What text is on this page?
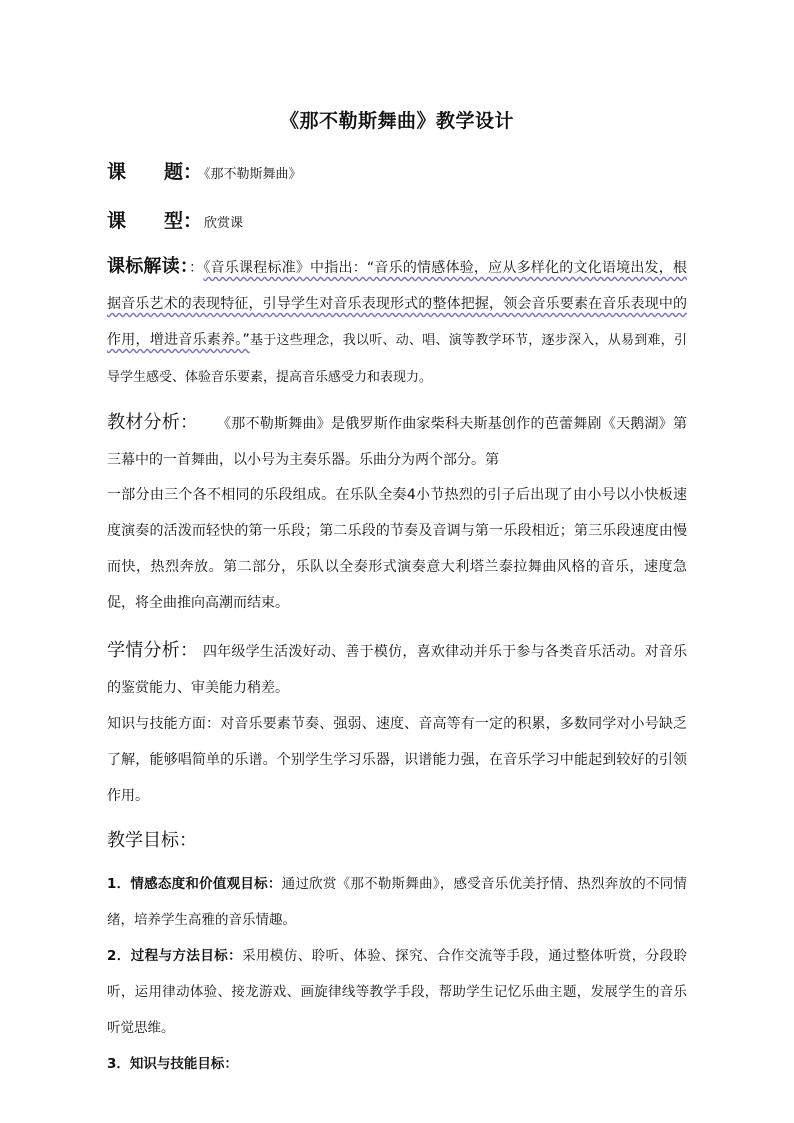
《那不勒斯舞曲》教学设计
课　　题： 《那不勒斯舞曲》
课　　型： 欣赏课
课标解读：：《音乐课程标准》中指出：“音乐的情感体验，应从多样化的文化语境出发，根据音乐艺术的表现特征，引导学生对音乐表现形式的整体把握，领会音乐要素在音乐表现中的作用，增进音乐素养。”基于这些理念，我以听、动、唱、演等教学环节，逐步深入，从易到难，引导学生感受、体验音乐要素，提高音乐感受力和表现力。
教材分析： 《那不勒斯舞曲》是俄罗斯作曲家柴科夫斯基创作的芭蕾舞剧《天鹅湖》第三幕中的一首舞曲，以小号为主奏乐器。乐曲分为两个部分。第
一部分由三个各不相同的乐段组成。在乐队全奏4小节热烈的引子后出现了由小号以小快板速度演奏的活泼而轻快的第一乐段；第二乐段的节奏及音调与第一乐段相近；第三乐段速度由慢而快，热烈奔放。第二部分，乐队以全奏形式演奏意大利塔兰泰拉舞曲风格的音乐，速度急促，将全曲推向高潮而结束。
学情分析： 四年级学生活泼好动、善于模仿，喜欢律动并乐于参与各类音乐活动。对音乐的鉴赏能力、审美能力稍差。
知识与技能方面：对音乐要素节奏、强弱、速度、音高等有一定的积累，多数同学对小号缺乏了解，能够唱简单的乐谱。个别学生学习乐器，识谱能力强，在音乐学习中能起到较好的引领作用。
教学目标：
1．情感态度和价值观目标：通过欣赏《那不勒斯舞曲》，感受音乐优美抒情、热烈奔放的不同情绪，培养学生高雅的音乐情趣。
2．过程与方法目标：采用模仿、聆听、体验、探究、合作交流等手段，通过整体听赏，分段聆听，运用律动体验、接龙游戏、画旋律线等教学手段，帮助学生记忆乐曲主题，发展学生的音乐听觉思维。
3．知识与技能目标：
